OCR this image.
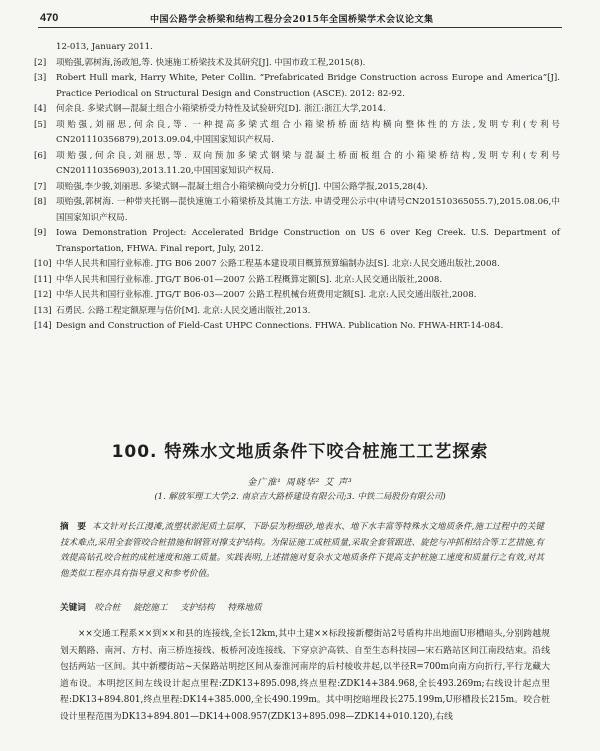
470	中国公路学会桥梁和结构工程分会2015年全国桥梁学术会议论文集

12-013, January 2011.

[2] 项贻强,郭树海,汤政旭,等. 快速施工桥梁技术及其研究[J]. 中国市政工程,2015(8).

[3] Robert Hull mark, Harry White, Peter Collin. “Prefabricated Bridge Construction across Europe and America”[J]. Practice Periodical on Structural Design and Construction (ASCE). 2012: 82-92.

[4] 何余良. 多梁式钢—混凝土组合小箱梁桥受力特性及试验研究[D]. 浙江:浙江大学,2014.

[5] 项贻强,刘丽思,何余良,等. 一种提高多梁式组合小箱梁桥桥面结构横向整体性的方法,发明专利(专利号 CN201110356879),2013.09.04,中国国家知识产权局.

[6] 项贻强,何余良,刘丽思,等. 双向预加多梁式钢梁与混凝土桥面板组合的小箱梁桥结构,发明专利(专利号 CN201110356903),2013.11.20,中国国家知识产权局.

[7] 项贻强,李少骏,刘丽思. 多梁式钢—混凝土组合小箱梁横向受力分析[J]. 中国公路学报,2015,28(4).

[8] 项贻强,郭树海. 一种带夹托钢—混快速施工小箱梁桥及其施工方法. 申请受理公示中(申请号CN201510365055.7),2015.08.06,中国国家知识产权局.

[9] Iowa Demonstration Project: Accelerated Bridge Construction on US 6 over Keg Creek. U.S. Department of Transportation, FHWA. Final report, July, 2012.

[10] 中华人民共和国行业标准. JTG B06 2007 公路工程基本建设项目概算预算编制办法[S]. 北京:人民交通出版社,2008.

[11] 中华人民共和国行业标准. JTG/T B06-01—2007 公路工程概算定额[S]. 北京:人民交通出版社,2008.

[12] 中华人民共和国行业标准. JTG/T B06-03—2007 公路工程机械台班费用定额[S]. 北京:人民交通出版社,2008.

[13] 石勇民. 公路工程定额原理与估价[M]. 北京:人民交通出版社,2013.

[14] Design and Construction of Field-Cast UHPC Connections. FHWA. Publication No. FHWA-HRT-14-084.

100. 特殊水文地质条件下咬合桩施工工艺探索
金广淮¹ 周晓华² 艾 声³
(1. 解放军理工大学;2. 南京吉大路桥建设有限公司;3. 中铁二局股份有限公司)
摘　要 本文针对长江漫滩,流塑状淤泥质土层厚、下卧层为粉细砂,地表水、地下水丰富等特殊水文地质条件,施工过程中的关键技术难点,采用全套管咬合桩措施和钢管对撑支护结构。为保证施工成桩质量,采取全套管跟进、旋挖与冲抓相结合等工艺措施,有效提高钻孔咬合桩的成桩速度和施工质量。实践表明,上述措施对复杂水文地质条件下提高支护桩施工速度和质量行之有效,对其他类似工程亦具有指导意义和参考价值。
关键词 咬合桩 旋挖施工 支护结构 特殊地质
××交通工程系××到××和县的连接线,全长12km,其中土建××标段接新樱街站2号盾构井出地面U形槽暗头,分别跨越规划天鹅路、南河、方村、南三桥连接线、板桥河凌连接线、下穿京沪高铁、自至生态科技园—宋石路站区间江南段结束。沿线包括两站一区间。其中新樱街站~天保路站明挖区间从泰淮河南岸的后村棱收井起,以半径R=700m向南方向折行,平行龙藏大道布设。本明挖区间左线设计起点里程:ZDK13+895.098,终点里程:ZDK14+384.968,全长493.269m;右线设计起点里程:DK13+894.801,终点里程:DK14+385.000,全长490.199m。其中明挖暗埋段长275.199m,U形槽段长215m。咬合桩设计里程范围为DK13+894.801—DK14+008.957(ZDK13+895.098—ZDK14+010.120),右线
